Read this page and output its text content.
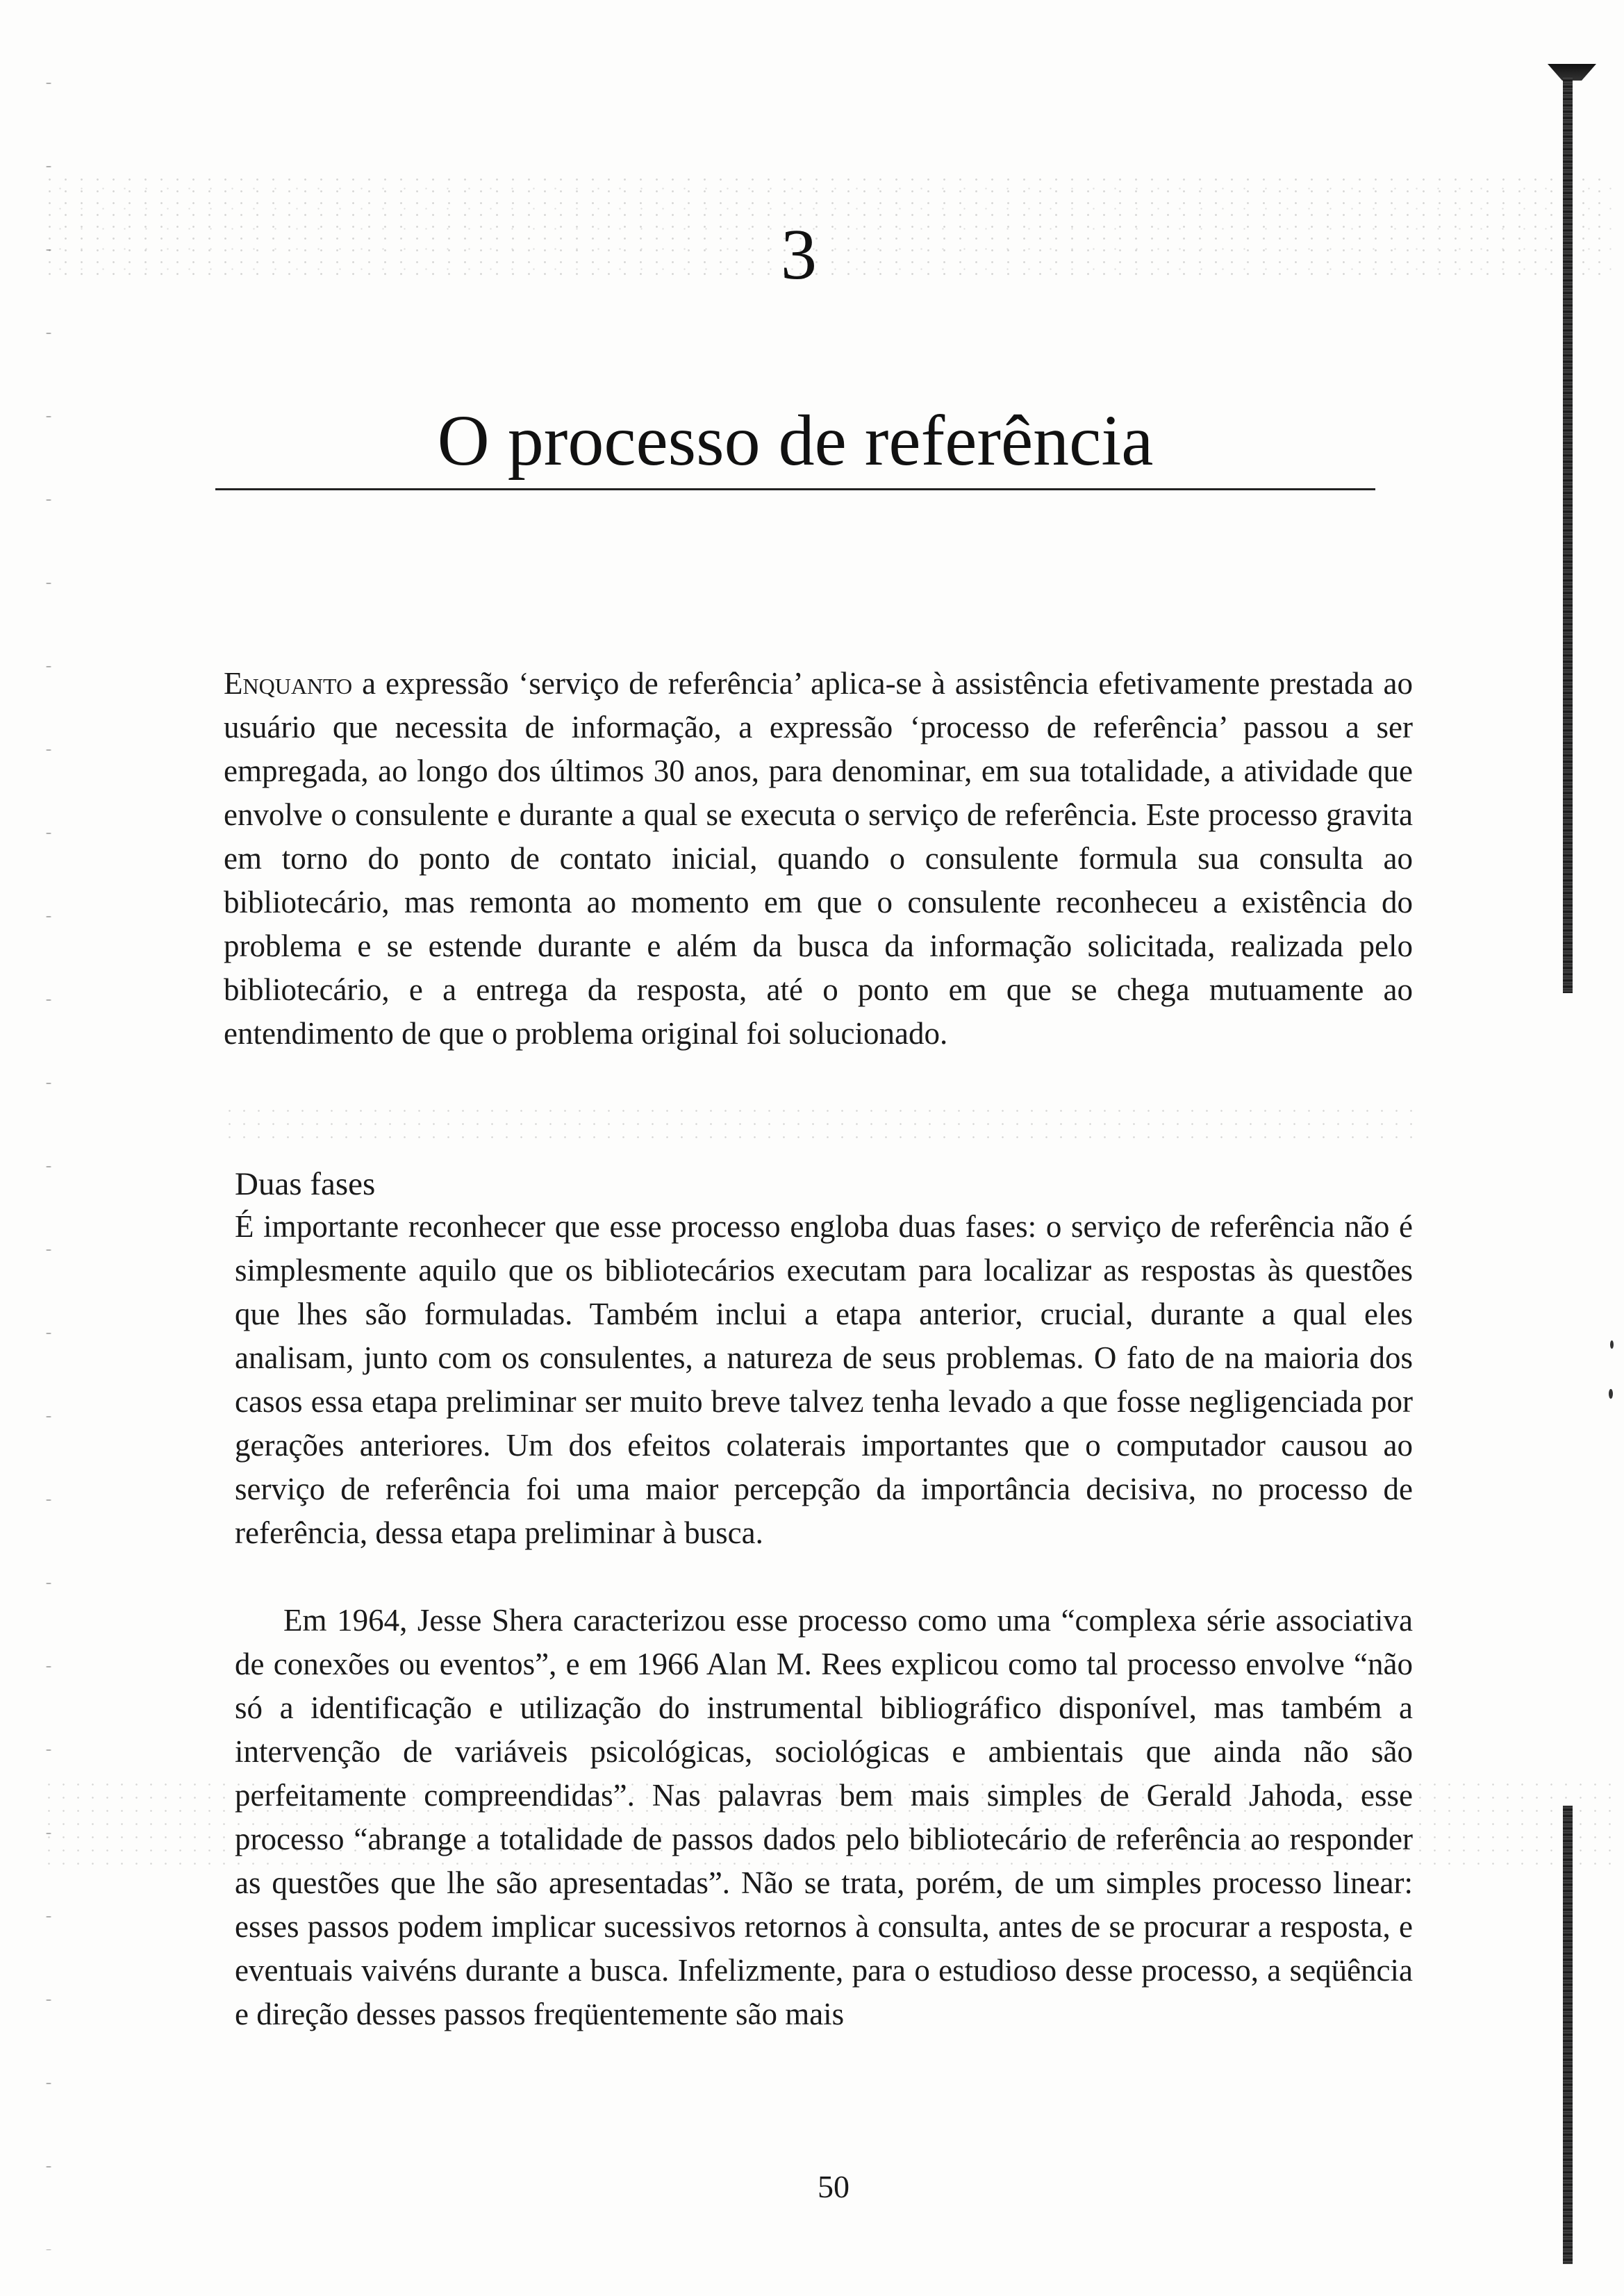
3
O processo de referência

Enquanto a expressão ‘serviço de referência’ aplica-se à assistência efetivamente prestada ao usuário que necessita de informação, a expressão ‘processo de referência’ passou a ser empregada, ao longo dos últimos 30 anos, para denominar, em sua totalidade, a atividade que envolve o consulente e durante a qual se executa o serviço de referência. Este processo gravita em torno do ponto de contato inicial, quando o consulente formula sua consulta ao bibliotecário, mas remonta ao momento em que o consulente reconheceu a existência do problema e se estende durante e além da busca da informação solicitada, realizada pelo bibliotecário, e a entrega da resposta, até o ponto em que se chega mutuamente ao entendimento de que o problema original foi solucionado.

Duas fases

É importante reconhecer que esse processo engloba duas fases: o serviço de referência não é simplesmente aquilo que os bibliotecários executam para localizar as respostas às questões que lhes são formuladas. Também inclui a etapa anterior, crucial, durante a qual eles analisam, junto com os consulentes, a natureza de seus problemas. O fato de na maioria dos casos essa etapa preliminar ser muito breve talvez tenha levado a que fosse negligenciada por gerações anteriores. Um dos efeitos colaterais importantes que o computador causou ao serviço de referência foi uma maior percepção da importância decisiva, no processo de referência, dessa etapa preliminar à busca.

Em 1964, Jesse Shera caracterizou esse processo como uma “complexa série associativa de conexões ou eventos”, e em 1966 Alan M. Rees explicou como tal processo envolve “não só a identificação e utilização do instrumental bibliográfico disponível, mas também a intervenção de variáveis psicológicas, sociológicas e ambientais que ainda não são perfeitamente compreendidas”. Nas palavras bem mais simples de Gerald Jahoda, esse processo “abrange a totalidade de passos dados pelo bibliotecário de referência ao responder as questões que lhe são apresentadas”. Não se trata, porém, de um simples processo linear: esses passos podem implicar sucessivos retornos à consulta, antes de se procurar a resposta, e eventuais vaivéns durante a busca. Infelizmente, para o estudioso desse processo, a seqüência e direção desses passos freqüentemente são mais

50
